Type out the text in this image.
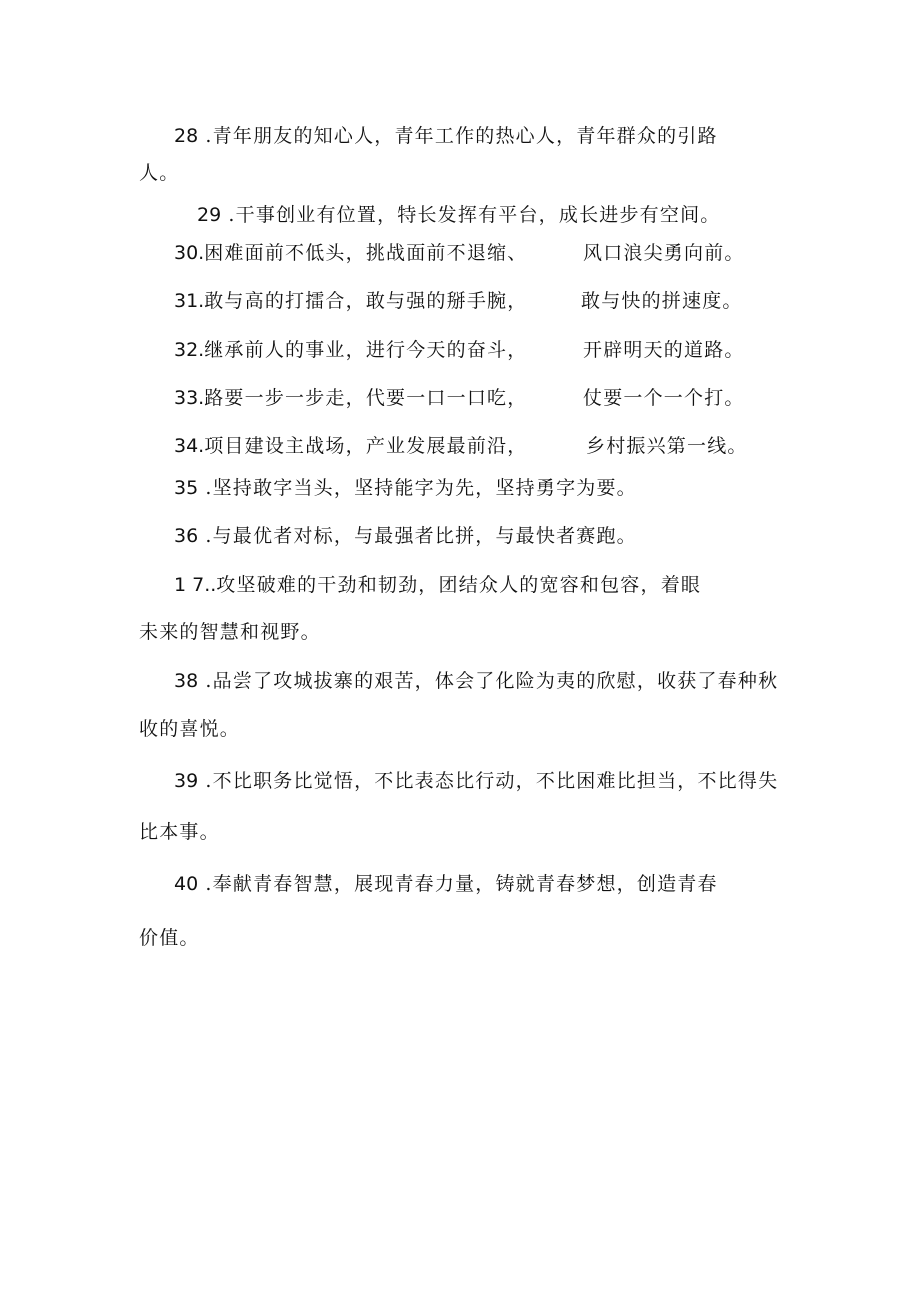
28 .青年朋友的知心人，青年工作的热心人，青年群众的引路
人。
29 .干事创业有位置，特长发挥有平台，成长进步有空间。
30.困难面前不低头，挑战面前不退缩、	风口浪尖勇向前。
31.敢与高的打擂合，敢与强的掰手腕，	敢与快的拼速度。
32.继承前人的事业，进行今天的奋斗，	开辟明天的道路。
33.路要一步一步走，代要一口一口吃，	仗要一个一个打。
34.项目建设主战场，产业发展最前沿，	乡村振兴第一线。
35 .坚持敢字当头，坚持能字为先，坚持勇字为要。
36 .与最优者对标，与最强者比拼，与最快者赛跑。
1 7..攻坚破难的干劲和韧劲，团结众人的宽容和包容，着眼
未来的智慧和视野。
38 .品尝了攻城拔寨的艰苦，体会了化险为夷的欣慰，收获了春种秋
收的喜悦。
39 .不比职务比觉悟，不比表态比行动，不比困难比担当，不比得失
比本事。
40 .奉献青春智慧，展现青春力量，铸就青春梦想，创造青春
价值。
